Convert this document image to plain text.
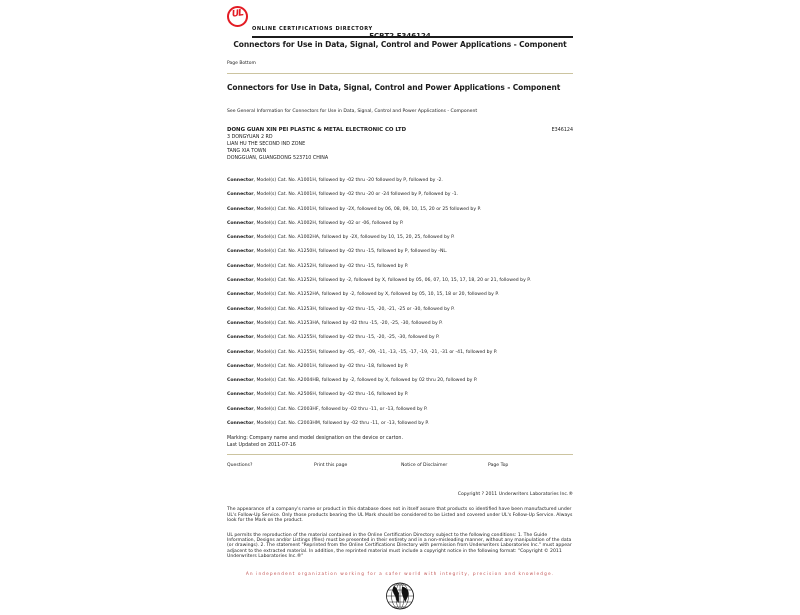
UL
ONLINE CERTIFICATIONS DIRECTORY
ECBT2.E346124
Connectors for Use in Data, Signal, Control and Power Applications - Component
Page Bottom
Connectors for Use in Data, Signal, Control and Power Applications - Component
See General Information for Connectors for Use in Data, Signal, Control and Power Applications - Component
DONG GUAN XIN PEI PLASTIC & METAL ELECTRONIC CO LTD	E346124

3 DONGYUAN 2 RD

LIAN HU THE SECOND IND ZONE

TANG XIA TOWN

DONGGUAN, GUANGDONG 523710 CHINA

Connector, Model(s) Cat. No. A1001H, followed by -02 thru -20 followed by P, followed by -2.

Connector, Model(s) Cat. No. A1001H, followed by -02 thru -20 or -24 followed by P, followed by -1.

Connector, Model(s) Cat. No. A1001H, followed by -2X, followed by 06, 08, 09, 10, 15, 20 or 25 followed by P.

Connector, Model(s) Cat. No. A1002H, followed by -02 or -06, followed by P.

Connector, Model(s) Cat. No. A1002HA, followed by -2X, followed by 10, 15, 20, 25, followed by P.

Connector, Model(s) Cat. No. A1250H, followed by -02 thru -15, followed by P, followed by -NL.

Connector, Model(s) Cat. No. A1252H, followed by -02 thru -15, followed by P.

Connector, Model(s) Cat. No. A1252H, followed by -2, followed by X, followed by 05, 06, 07, 10, 15, 17, 18, 20 or 21, followed by P.

Connector, Model(s) Cat. No. A1252HA, followed by -2, followed by X, followed by 05, 10, 15, 18 or 20, followed by P.

Connector, Model(s) Cat. No. A1253H, followed by -02 thru -15, -20, -21, -25 or -30, followed by P.

Connector, Model(s) Cat. No. A1253HA, followed by -02 thru -15, -20, -25, -30, followed by P.

Connector, Model(s) Cat. No. A1255H, followed by -02 thru -15, -20, -25, -30, followed by P.

Connector, Model(s) Cat. No. A1255H, followed by -05, -07, -09, -11, -13, -15, -17, -19, -21, -31 or -41, followed by P.

Connector, Model(s) Cat. No. A2001H, followed by -02 thru -18, followed by P.

Connector, Model(s) Cat. No. A2004HB, followed by -2, followed by X, followed by 02 thru 20, followed by P.

Connector, Model(s) Cat. No. A2506H, followed by -02 thru -16, followed by P.

Connector, Model(s) Cat. No. C2003HF, followed by -02 thru -11, or -13, followed by P.

Connector, Model(s) Cat. No. C2003HM, followed by -02 thru -11, or -13, followed by P.

Marking: Company name and model designation on the device or carton.

Last Updated on 2011-07-16

Questions?	Print this page	Notice of Disclaimer	Page Top
Copyright ? 2011 Underwriters Laboratories Inc.®

The appearance of a company's name or product in this database does not in itself assure that products so identified have been manufactured under UL's Follow-Up Service. Only those products bearing the UL Mark should be considered to be Listed and covered under UL's Follow-Up Service. Always look for the Mark on the product.

UL permits the reproduction of the material contained in the Online Certification Directory subject to the following conditions: 1. The Guide Information, Designs and/or Listings (files) must be presented in their entirety and in a non-misleading manner, without any manipulation of the data (or drawings). 2. The statement "Reprinted from the Online Certifications Directory with permission from Underwriters Laboratories Inc." must appear adjacent to the extracted material. In addition, the reprinted material must include a copyright notice in the following format: "Copyright © 2011 Underwriters Laboratories Inc.®"

An independent organization working for a safer world with integrity, precision and knowledge.
